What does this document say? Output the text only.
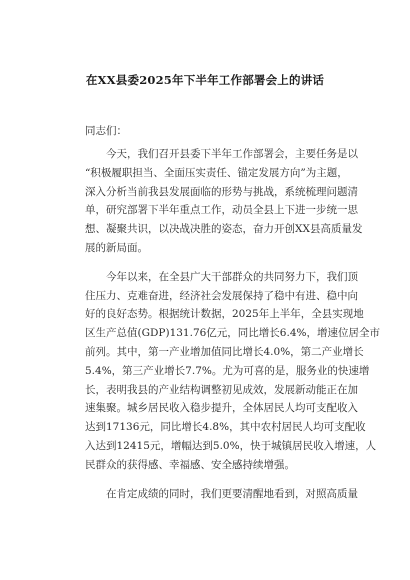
在XX县委2025年下半年工作部署会上的讲话

同志们：

　　今天，我们召开县委下半年工作部署会，主要任务是以
“积极履职担当、全面压实责任、锚定发展方向”为主题，
深入分析当前我县发展面临的形势与挑战，系统梳理问题清
单，研究部署下半年重点工作，动员全县上下进一步统一思
想、凝聚共识，以决战决胜的姿态，奋力开创XX县高质量发
展的新局面。
　　今年以来，在全县广大干部群众的共同努力下，我们顶
住压力、克难奋进，经济社会发展保持了稳中有进、稳中向
好的良好态势。根据统计数据，2025年上半年，全县实现地
区生产总值(GDP)131.76亿元，同比增长6.4%，增速位居全市
前列。其中，第一产业增加值同比增长4.0%，第二产业增长
5.4%，第三产业增长7.7%。尤为可喜的是，服务业的快速增
长，表明我县的产业结构调整初见成效，发展新动能正在加
速集聚。城乡居民收入稳步提升，全体居民人均可支配收入
达到17136元，同比增长4.8%，其中农村居民人均可支配收
入达到12415元，增幅达到5.0%，快于城镇居民收入增速，人
民群众的获得感、幸福感、安全感持续增强。
　　在肯定成绩的同时，我们更要清醒地看到，对照高质量
